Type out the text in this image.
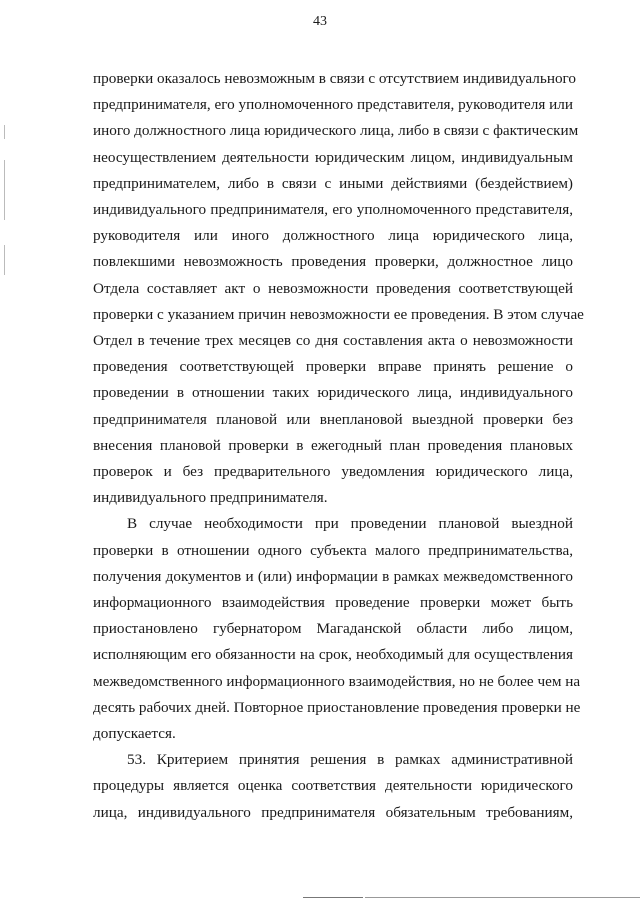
43
проверки оказалось невозможным в связи с отсутствием индивидуального
предпринимателя, его уполномоченного представителя, руководителя или
иного должностного лица юридического лица, либо в связи с фактическим
неосуществлением деятельности юридическим лицом, индивидуальным
предпринимателем, либо в связи с иными действиями (бездействием)
индивидуального предпринимателя, его уполномоченного представителя,
руководителя или иного должностного лица юридического лица,
повлекшими невозможность проведения проверки, должностное лицо
Отдела составляет акт о невозможности проведения соответствующей
проверки с указанием причин невозможности ее проведения. В этом случае
Отдел в течение трех месяцев со дня составления акта о невозможности
проведения соответствующей проверки вправе принять решение о
проведении в отношении таких юридического лица, индивидуального
предпринимателя плановой или внеплановой выездной проверки без
внесения плановой проверки в ежегодный план проведения плановых
проверок и без предварительного уведомления юридического лица,
индивидуального предпринимателя.
В случае необходимости при проведении плановой выездной
проверки в отношении одного субъекта малого предпринимательства,
получения документов и (или) информации в рамках межведомственного
информационного взаимодействия проведение проверки может быть
приостановлено губернатором Магаданской области либо лицом,
исполняющим его обязанности на срок, необходимый для осуществления
межведомственного информационного взаимодействия, но не более чем на
десять рабочих дней. Повторное приостановление проведения проверки не
допускается.
53. Критерием принятия решения в рамках административной
процедуры является оценка соответствия деятельности юридического
лица, индивидуального предпринимателя обязательным требованиям,
